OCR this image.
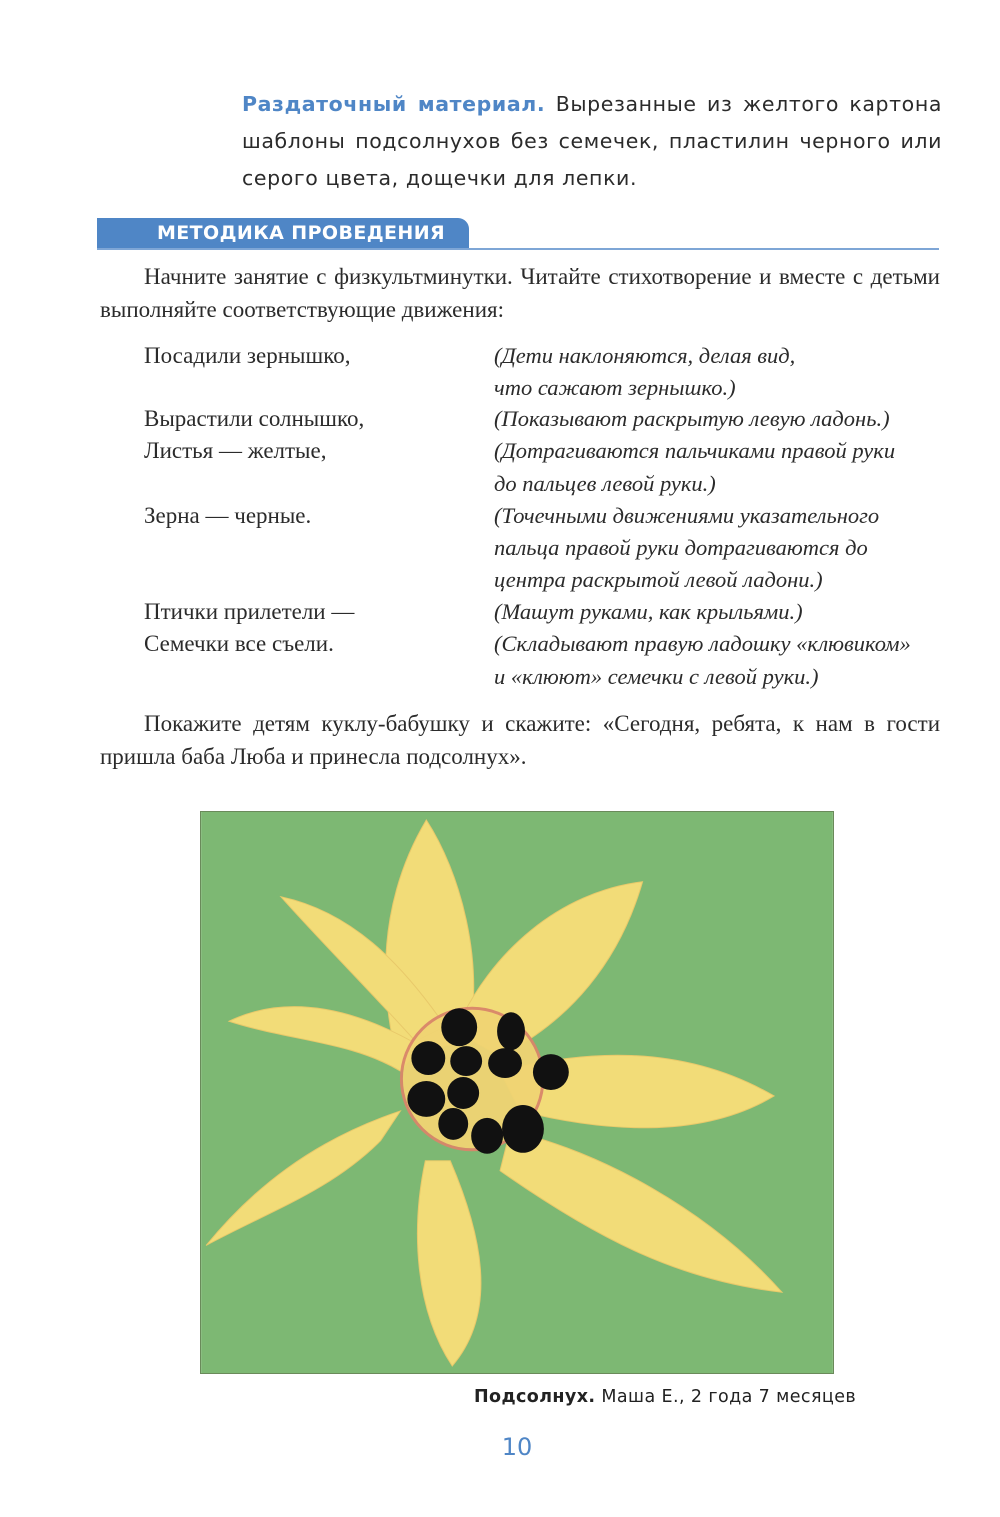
Раздаточный материал. Вырезанные из желтого картона шаблоны подсолнухов без семечек, пластилин черного или серого цвета, дощечки для лепки.
МЕТОДИКА ПРОВЕДЕНИЯ
Начните занятие с физкультминутки. Читайте стихотворение и вместе с детьми выполняйте соответствующие движения:
Посадили зернышко,
Вырастили солнышко,
Листья — желтые,
Зерна — черные.
Птички прилетели —
Семечки все съели.
(Дети наклоняются, делая вид,
что сажают зернышко.)
(Показывают раскрытую левую ладонь.)
(Дотрагиваются пальчиками правой руки
до пальцев левой руки.)
(Точечными движениями указательного
пальца правой руки дотрагиваются до
центра раскрытой левой ладони.)
(Машут руками, как крыльями.)
(Складывают правую ладошку «клювиком»
и «клюют» семечки с левой руки.)
Покажите детям куклу-бабушку и скажите: «Сегодня, ребята, к нам в гости пришла баба Люба и принесла подсолнух».
Подсолнух. Маша Е., 2 года 7 месяцев
10
